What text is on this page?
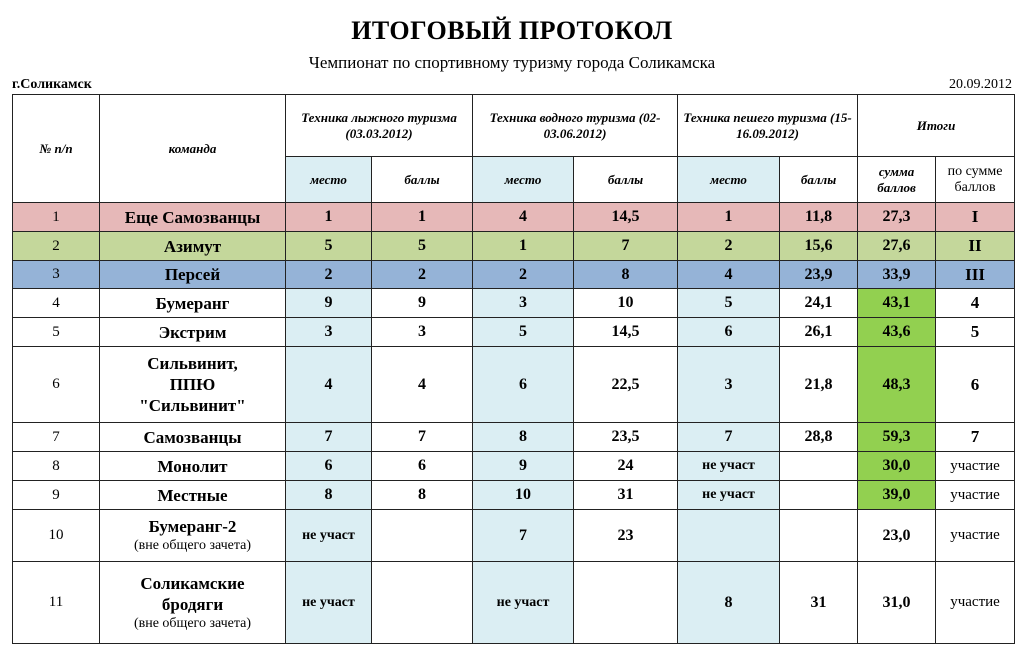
ИТОГОВЫЙ ПРОТОКОЛ
Чемпионат по спортивному туризму города Соликамска
г.Соликамск	20.09.2012
№ п/п	команда	Техника лыжного туризма (03.03.2012)		Техника водного туризма (02-03.06.2012)		Техника пешего туризма (15-16.09.2012)		Итоги	
		место	баллы	место	баллы	место	баллы	сумма баллов	по сумме баллов
1	Еще Самозванцы	1	1	4	14,5	1	11,8	27,3	I
2	Азимут	5	5	1	7	2	15,6	27,6	II
3	Персей	2	2	2	8	4	23,9	33,9	III
4	Бумеранг	9	9	3	10	5	24,1	43,1	4
5	Экстрим	3	3	5	14,5	6	26,1	43,6	5
6	Сильвинит,
ППЮ
"Сильвинит"	4	4	6	22,5	3	21,8	48,3	6
7	Самозванцы	7	7	8	23,5	7	28,8	59,3	7
8	Монолит	6	6	9	24	не участ		30,0	участие
9	Местные	8	8	10	31	не участ		39,0	участие
10	Бумеранг-2
(вне общего зачета)	не участ		7	23			23,0	участие
11	Соликамские
бродяги
(вне общего зачета)	не участ		не участ		8	31	31,0	участие
